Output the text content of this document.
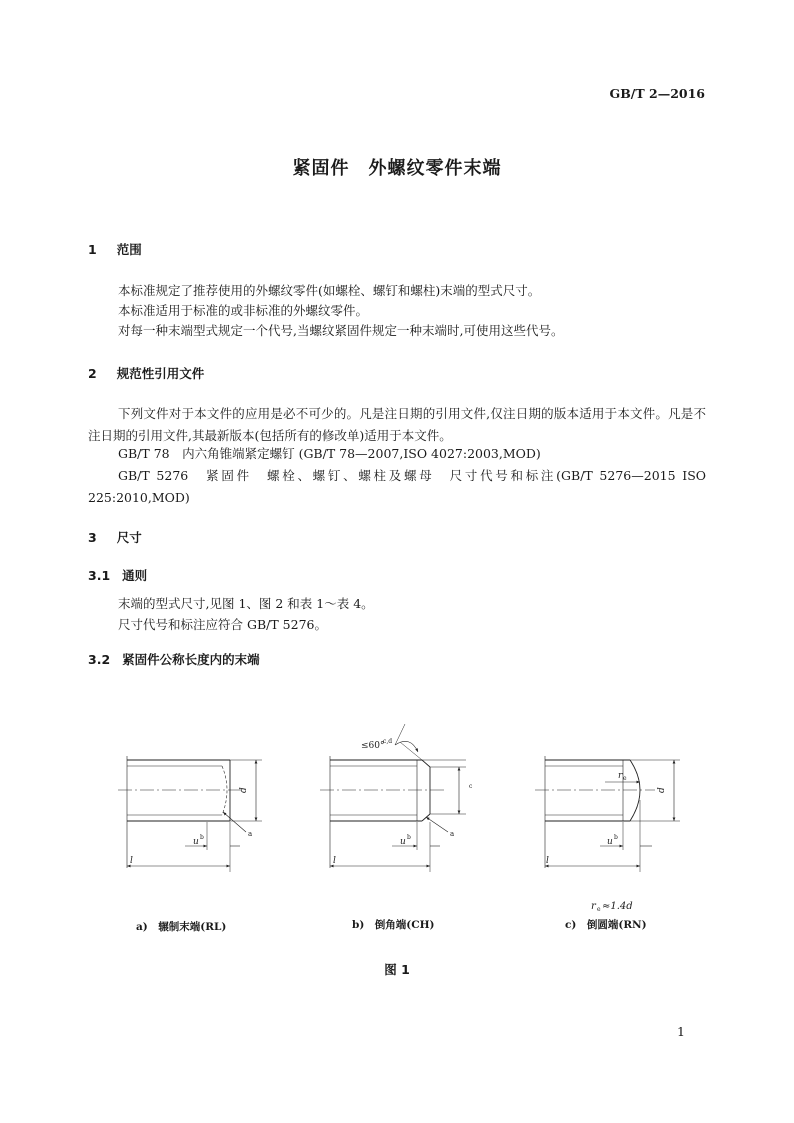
GB/T 2—2016
紧固件　外螺纹零件末端
1 范围
本标准规定了推荐使用的外螺纹零件(如螺栓、螺钉和螺柱)末端的型式尺寸。
本标准适用于标准的或非标准的外螺纹零件。
对每一种末端型式规定一个代号,当螺纹紧固件规定一种末端时,可使用这些代号。
2 规范性引用文件
下列文件对于本文件的应用是必不可少的。凡是注日期的引用文件,仅注日期的版本适用于本文件。凡是不注日期的引用文件,其最新版本(包括所有的修改单)适用于本文件。
GB/T 78　内六角锥端紧定螺钉 (GB/T 78—2007,ISO 4027:2003,MOD)
GB/T 5276　紧固件　螺栓、螺钉、螺柱及螺母　尺寸代号和标注(GB/T 5276—2015 ISO 225:2010,MOD)
3 尺寸
3.1 通则
末端的型式尺寸,见图 1、图 2 和表 1～表 4。
尺寸代号和标注应符合 GB/T 5276。
3.2 紧固件公称长度内的末端
d
a
u b
l
≤60°
c,d
c
a
u b
l
d
r e
u b
l
r e ≈1.4d
a)　辗制末端(RL)	b)　倒角端(CH)	c)　倒圆端(RN)
图 1
1
